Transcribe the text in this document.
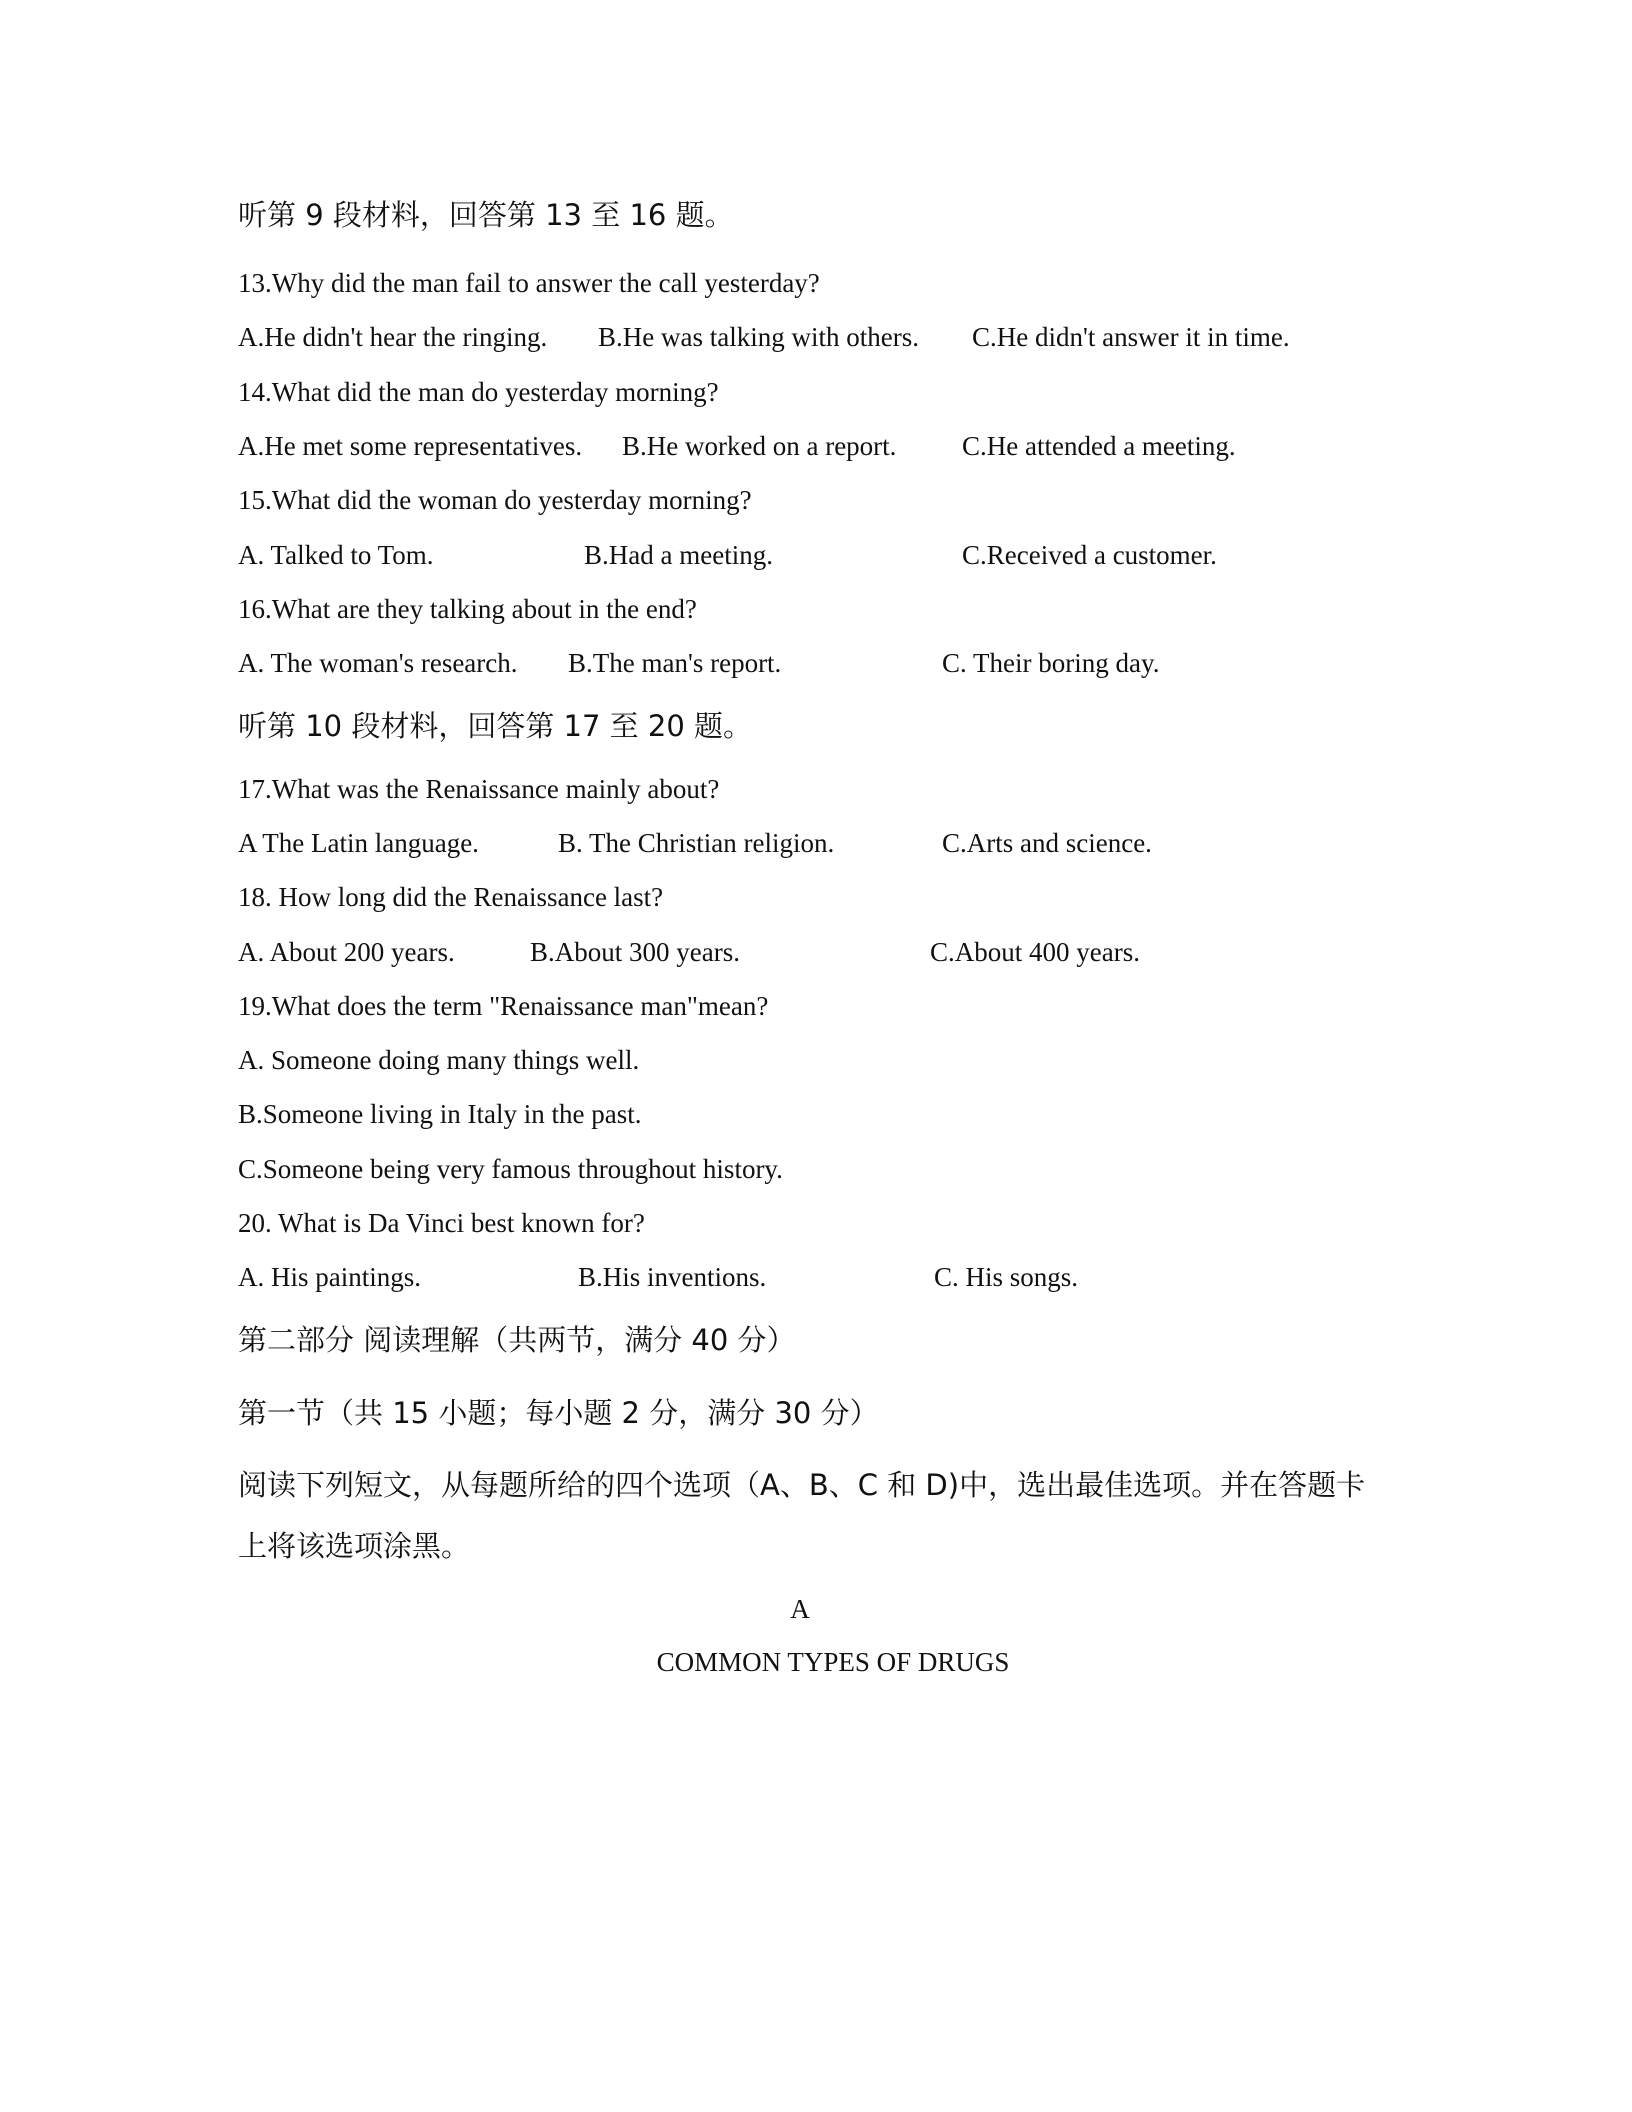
听第 9 段材料，回答第 13 至 16 题。
13.Why did the man fail to answer the call yesterday?
A.He didn't hear the ringing. B.He was talking with others. C.He didn't answer it in time.
14.What did the man do yesterday morning?
A.He met some representatives. B.He worked on a report. C.He attended a meeting.
15.What did the woman do yesterday morning?
A. Talked to Tom.	B.Had a meeting.	C.Received a customer.
16.What are they talking about in the end?
A. The woman's research. B.The man's report.	C. Their boring day.
听第 10 段材料，回答第 17 至 20 题。
17.What was the Renaissance mainly about?
A The Latin language.	B. The Christian religion.	C.Arts and science.
18. How long did the Renaissance last?
A. About 200 years.	B.About 300 years.	C.About 400 years.
19.What does the term "Renaissance man"mean?
A. Someone doing many things well.
B.Someone living in Italy in the past.
C.Someone being very famous throughout history.
20. What is Da Vinci best known for?
A. His paintings.	B.His inventions.	C. His songs.
第二部分 阅读理解（共两节，满分 40 分）
第一节（共 15 小题；每小题 2 分，满分 30 分）
阅读下列短文，从每题所给的四个选项（A、B、C 和 D)中，选出最佳选项。并在答题卡
上将该选项涂黑。
A
COMMON TYPES OF DRUGS
